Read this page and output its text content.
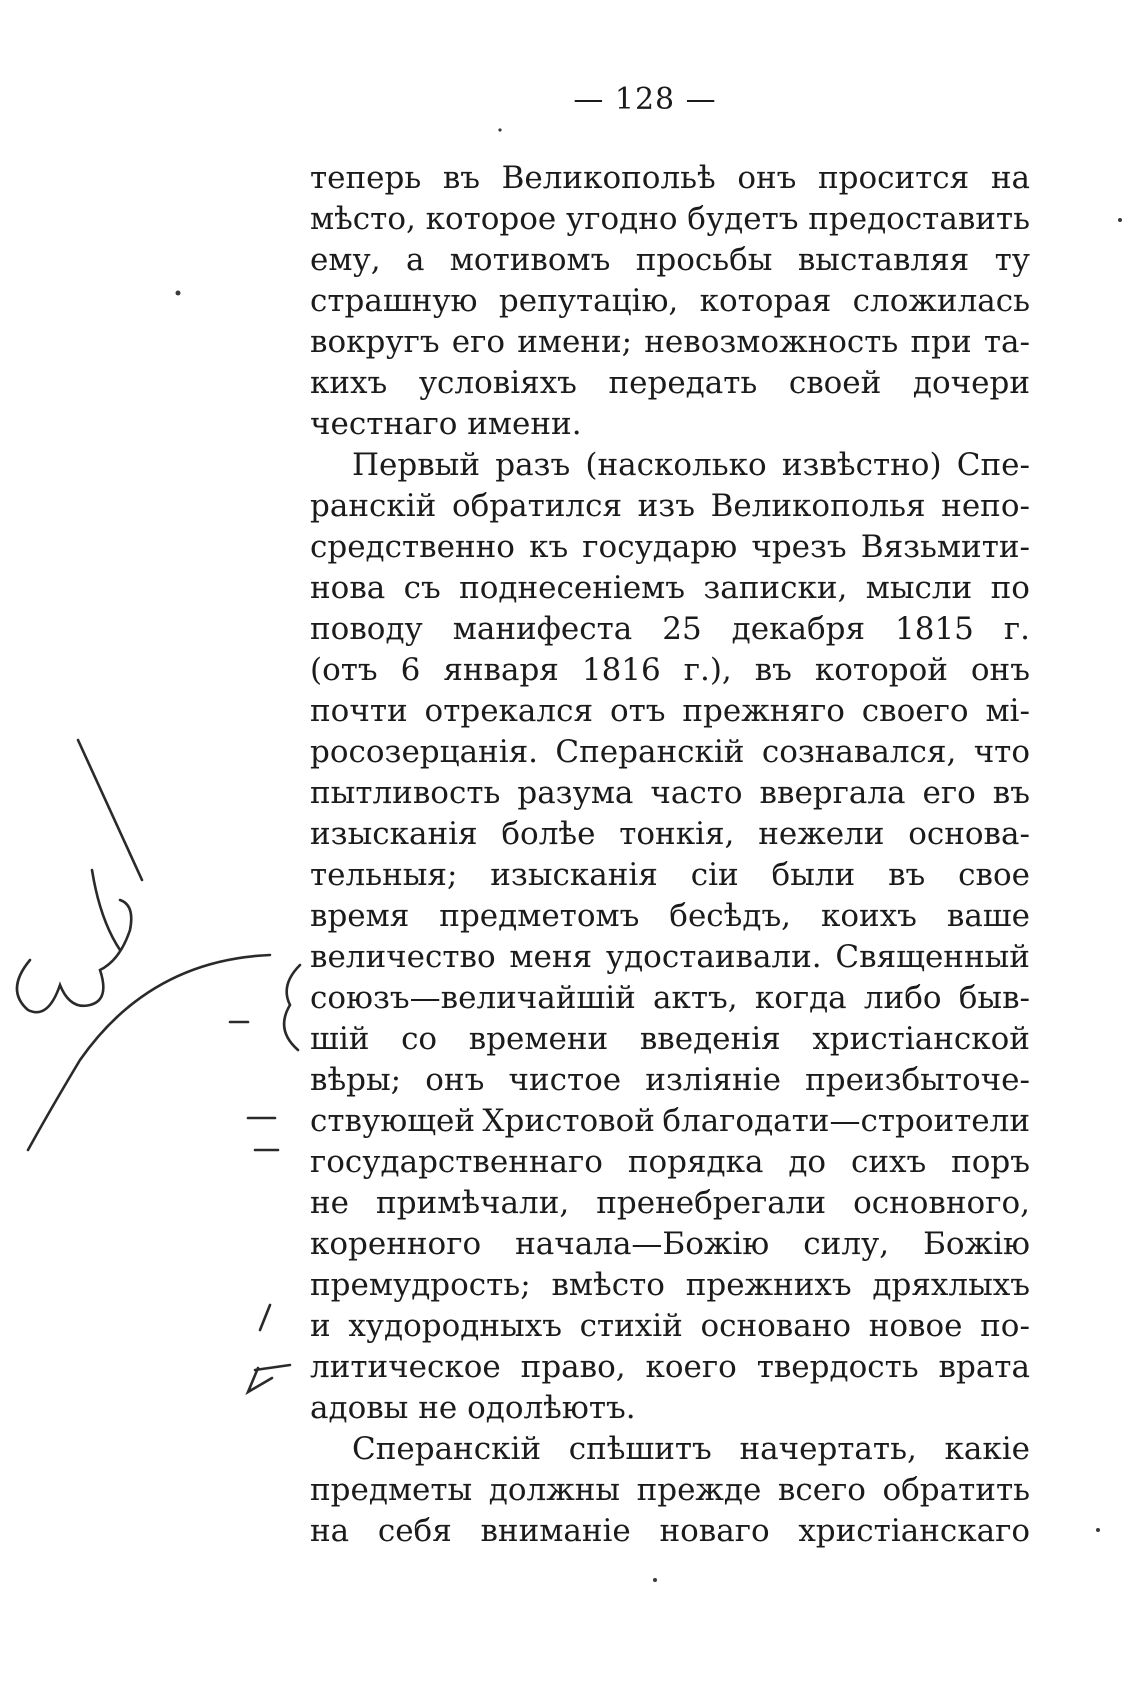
— 128 —
теперь въ Великопольѣ онъ просится на
мѣсто, которое угодно будетъ предоставить
ему, а мотивомъ просьбы выставляя ту
страшную репутацію, которая сложилась
вокругъ его имени; невозможность при та-
кихъ условіяхъ передать своей дочери
честнаго имени.
Первый разъ (насколько извѣстно) Спе-
ранскій обратился изъ Великополья непо-
средственно къ государю чрезъ Вязьмити-
нова съ поднесеніемъ записки, мысли по
поводу манифеста 25 декабря 1815 г.
(отъ 6 января 1816 г.), въ которой онъ
почти отрекался отъ прежняго своего мі-
росозерцанія. Сперанскій сознавался, что
пытливость разума часто ввергала его въ
изысканія болѣе тонкія, нежели основа-
тельныя; изысканія сіи были въ свое
время предметомъ бесѣдъ, коихъ ваше
величество меня удостаивали. Священный
союзъ—величайшій актъ, когда либо быв-
шій со времени введенія христіанской
вѣры; онъ чистое изліяніе преизбыточе-
ствующей Христовой благодати—строители
государственнаго порядка до сихъ поръ
не примѣчали, пренебрегали основного,
коренного начала—Божію силу, Божію
премудрость; вмѣсто прежнихъ дряхлыхъ
и худородныхъ стихій основано новое по-
литическое право, коего твердость врата
адовы не одолѣютъ.
Сперанскій спѣшитъ начертать, какіе
предметы должны прежде всего обратить
на себя вниманіе новаго христіанскаго
